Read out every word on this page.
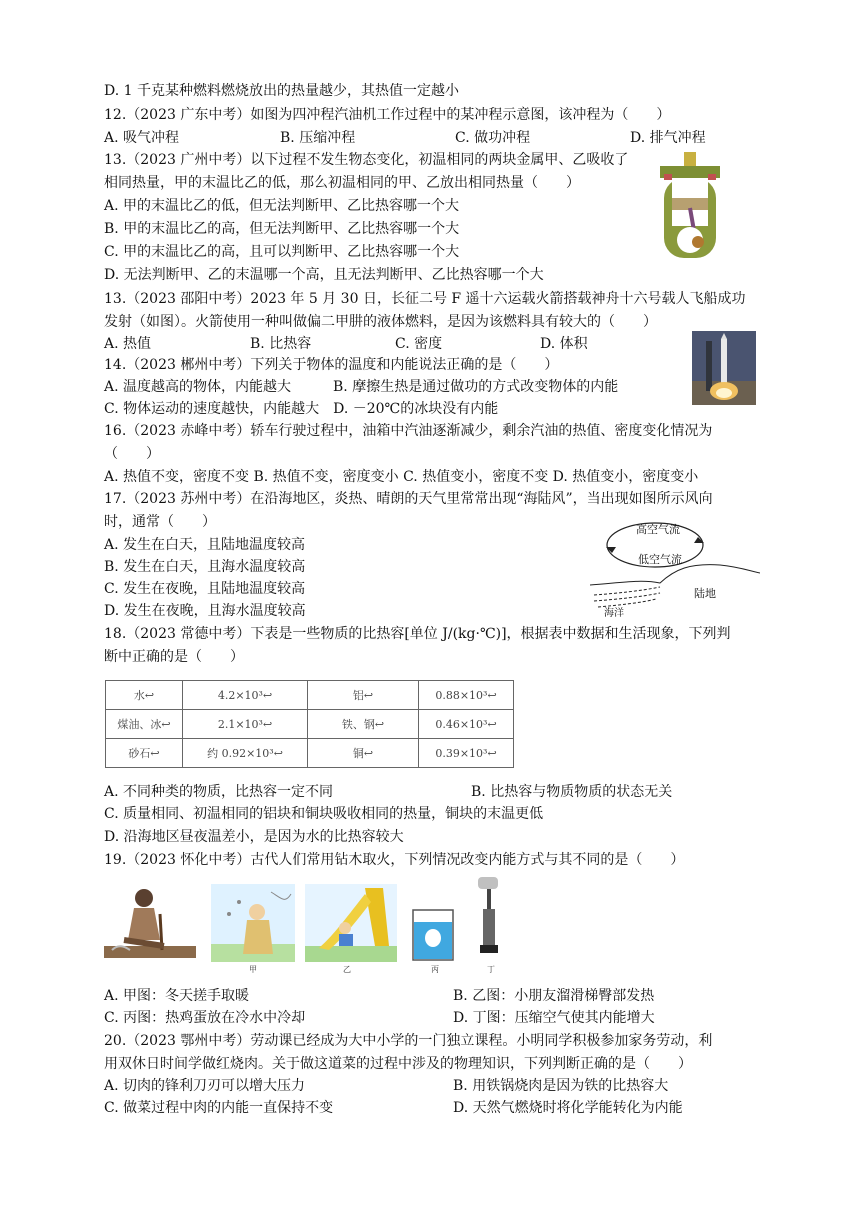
D. 1 千克某种燃料燃烧放出的热量越少，其热值一定越小
12.（2023 广东中考）如图为四冲程汽油机工作过程中的某冲程示意图，该冲程为（　　）
A. 吸气冲程	B. 压缩冲程	C. 做功冲程	D. 排气冲程
13.（2023 广州中考）以下过程不发生物态变化，初温相同的两块金属甲、乙吸收了
相同热量，甲的末温比乙的低，那么初温相同的甲、乙放出相同热量（　　）
A. 甲的末温比乙的低，但无法判断甲、乙比热容哪一个大
B. 甲的末温比乙的高，但无法判断甲、乙比热容哪一个大
C. 甲的末温比乙的高，且可以判断甲、乙比热容哪一个大
D. 无法判断甲、乙的末温哪一个高，且无法判断甲、乙比热容哪一个大
13.（2023 邵阳中考）2023 年 5 月 30 日，长征二号 F 遥十六运载火箭搭载神舟十六号载人飞船成功
发射（如图）。火箭使用一种叫做偏二甲肼的液体燃料，是因为该燃料具有较大的（　　）
A. 热值	B. 比热容	C. 密度	D. 体积
14.（2023 郴州中考）下列关于物体的温度和内能说法正确的是（　　）
A. 温度越高的物体，内能越大　　　B. 摩擦生热是通过做功的方式改变物体的内能
C. 物体运动的速度越快，内能越大　D. －20℃的冰块没有内能
16.（2023 赤峰中考）轿车行驶过程中，油箱中汽油逐渐减少，剩余汽油的热值、密度变化情况为
（　　）
A. 热值不变，密度不变 B. 热值不变，密度变小 C. 热值变小，密度不变 D. 热值变小，密度变小
17.（2023 苏州中考）在沿海地区，炎热、晴朗的天气里常常出现“海陆风”，当出现如图所示风向
时，通常（　　）
A. 发生在白天，且陆地温度较高
B. 发生在白天，且海水温度较高
C. 发生在夜晚，且陆地温度较高
D. 发生在夜晚，且海水温度较高
高空气流
低空气流
陆地
海洋
18.（2023 常德中考）下表是一些物质的比热容[单位 J/(kg·℃)]，根据表中数据和生活现象，下列判
断中正确的是（　　）
水↩	4.2×10³↩	铝↩	0.88×10³↩
煤油、冰↩	2.1×10³↩	铁、钢↩	0.46×10³↩
砂石↩	约 0.92×10³↩	铜↩	0.39×10³↩
A. 不同种类的物质，比热容一定不同	B. 比热容与物质物质的状态无关
C. 质量相同、初温相同的铝块和铜块吸收相同的热量，铜块的末温更低
D. 沿海地区昼夜温差小，是因为水的比热容较大
19.（2023 怀化中考）古代人们常用钻木取火，下列情况改变内能方式与其不同的是（　　）
甲	乙	丙	丁
A. 甲图：冬天搓手取暖	B. 乙图：小朋友溜滑梯臀部发热
C. 丙图：热鸡蛋放在冷水中冷却	D. 丁图：压缩空气使其内能增大
20.（2023 鄂州中考）劳动课已经成为大中小学的一门独立课程。小明同学积极参加家务劳动，利
用双休日时间学做红烧肉。关于做这道菜的过程中涉及的物理知识，下列判断正确的是（　　）
A. 切肉的锋利刀刃可以增大压力	B. 用铁锅烧肉是因为铁的比热容大
C. 做菜过程中肉的内能一直保持不变	D. 天然气燃烧时将化学能转化为内能
